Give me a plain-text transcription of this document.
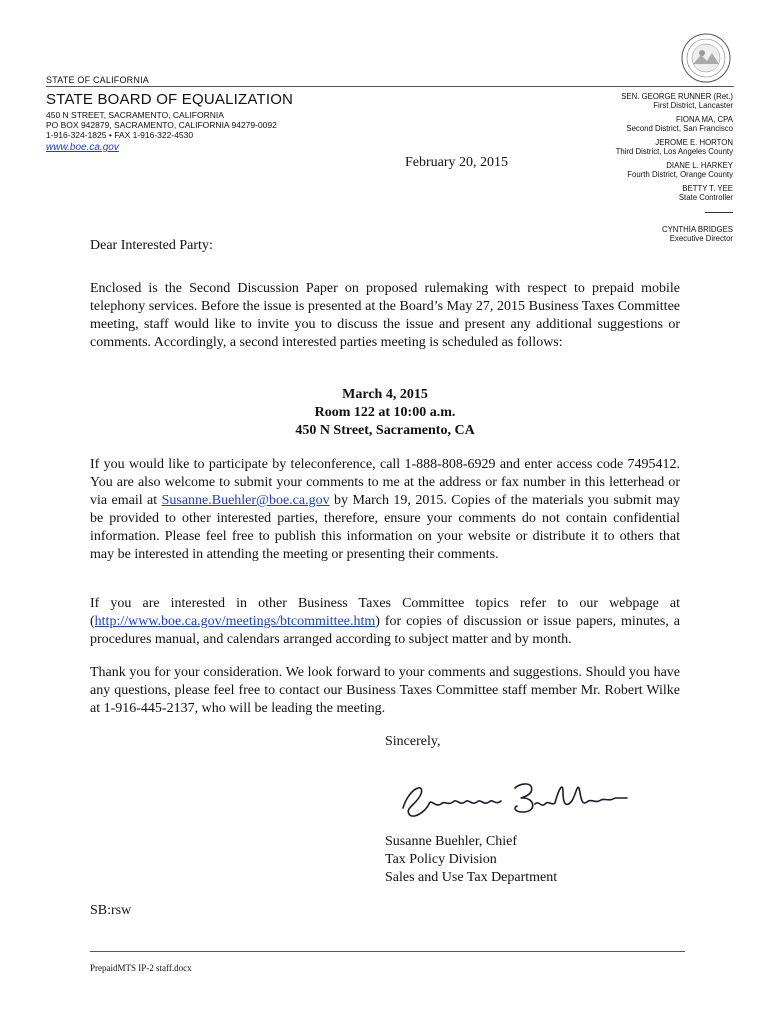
STATE OF CALIFORNIA
STATE BOARD OF EQUALIZATION
450 N STREET, SACRAMENTO, CALIFORNIA
PO BOX 942879, SACRAMENTO, CALIFORNIA 94279-0092
1-916-324-1825 • FAX 1-916-322-4530
www.boe.ca.gov
SEN. GEORGE RUNNER (Ret.)
First District, Lancaster
FIONA MA, CPA
Second District, San Francisco
JEROME E. HORTON
Third District, Los Angeles County
DIANE L. HARKEY
Fourth District, Orange County
BETTY T. YEE
State Controller
CYNTHIA BRIDGES
Executive Director
February 20, 2015
Dear Interested Party:
Enclosed is the Second Discussion Paper on proposed rulemaking with respect to prepaid mobile telephony services. Before the issue is presented at the Board’s May 27, 2015 Business Taxes Committee meeting, staff would like to invite you to discuss the issue and present any additional suggestions or comments. Accordingly, a second interested parties meeting is scheduled as follows:
March 4, 2015
Room 122 at 10:00 a.m.
450 N Street, Sacramento, CA
If you would like to participate by teleconference, call 1-888-808-6929 and enter access code 7495412. You are also welcome to submit your comments to me at the address or fax number in this letterhead or via email at Susanne.Buehler@boe.ca.gov by March 19, 2015. Copies of the materials you submit may be provided to other interested parties, therefore, ensure your comments do not contain confidential information. Please feel free to publish this information on your website or distribute it to others that may be interested in attending the meeting or presenting their comments.
If you are interested in other Business Taxes Committee topics refer to our webpage at (http://www.boe.ca.gov/meetings/btcommittee.htm) for copies of discussion or issue papers, minutes, a procedures manual, and calendars arranged according to subject matter and by month.
Thank you for your consideration. We look forward to your comments and suggestions. Should you have any questions, please feel free to contact our Business Taxes Committee staff member Mr. Robert Wilke at 1-916-445-2137, who will be leading the meeting.
Sincerely,
Susanne Buehler, Chief
Tax Policy Division
Sales and Use Tax Department
SB:rsw
PrepaidMTS IP-2 staff.docx
